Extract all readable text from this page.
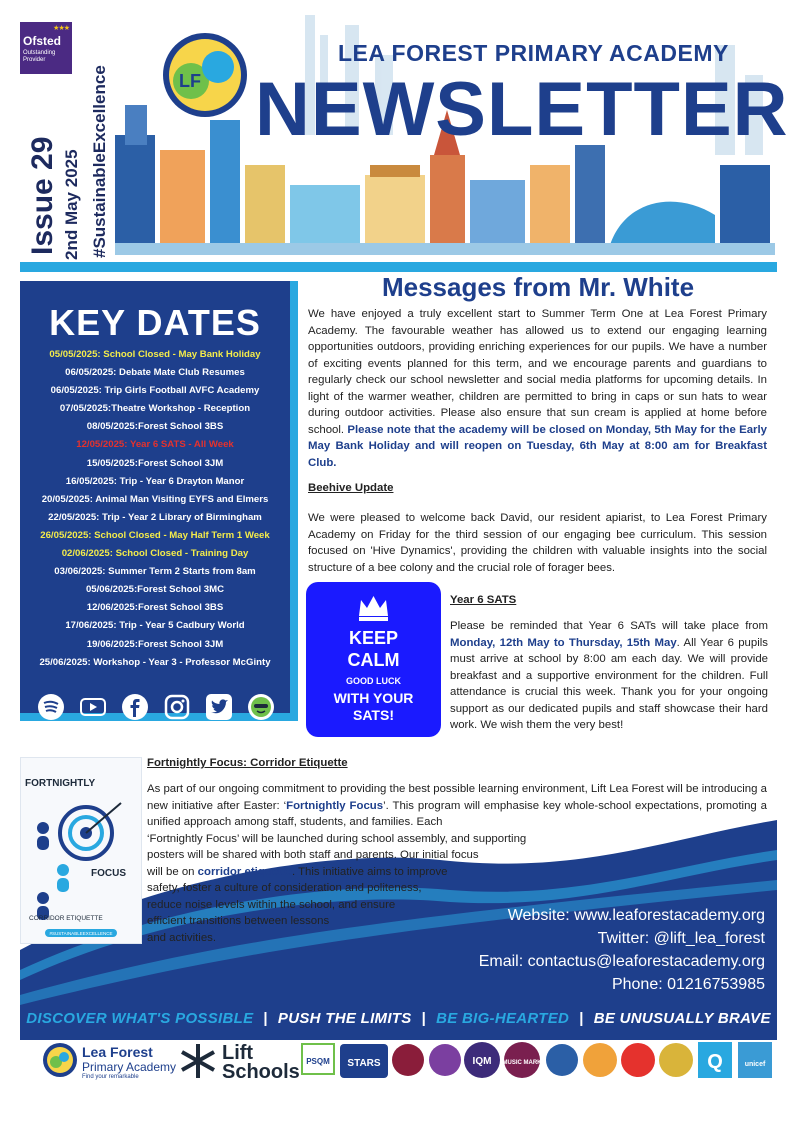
★★★
Ofsted
Outstanding Provider
Issue 29 2nd May 2025 #SustainableExcellence	LF
LEA FOREST PRIMARY ACADEMY
NEWSLETTER
KEY DATES
05/05/2025: School Closed - May Bank Holiday
06/05/2025: Debate Mate Club Resumes
06/05/2025: Trip Girls Football AVFC Academy
07/05/2025:Theatre Workshop - Reception
08/05/2025:Forest School 3BS
12/05/2025: Year 6 SATS - All Week
15/05/2025:Forest School 3JM
16/05/2025: Trip - Year 6 Drayton Manor
20/05/2025: Animal Man Visiting EYFS and Elmers
22/05/2025: Trip - Year 2 Library of Birmingham
26/05/2025: School Closed - May Half Term 1 Week
02/06/2025: School Closed - Training Day
03/06/2025: Summer Term 2 Starts from 8am
05/06/2025:Forest School 3MC
12/06/2025:Forest School 3BS
17/06/2025: Trip - Year 5 Cadbury World
19/06/2025:Forest School 3JM
25/06/2025: Workshop - Year 3 - Professor McGinty
Messages from Mr. White
We have enjoyed a truly excellent start to Summer Term One at Lea Forest Primary Academy. The favourable weather has allowed us to extend our engaging learning opportunities outdoors, providing enriching experiences for our pupils. We have a number of exciting events planned for this term, and we encourage parents and guardians to regularly check our school newsletter and social media platforms for upcoming details. In light of the warmer weather, children are permitted to bring in caps or sun hats to wear during outdoor activities. Please also ensure that sun cream is applied at home before school. Please note that the academy will be closed on Monday, 5th May for the Early May Bank Holiday and will reopen on Tuesday, 6th May at 8:00 am for Breakfast Club.
Beehive Update
We were pleased to welcome back David, our resident apiarist, to Lea Forest Primary Academy on Friday for the third session of our engaging bee curriculum. This session focused on 'Hive Dynamics', providing the children with valuable insights into the social structure of a bee colony and the crucial role of forager bees.
KEEP
CALM
GOOD LUCK
WITH YOUR
SATS!
Year 6 SATS
Please be reminded that Year 6 SATs will take place from Monday, 12th May to Thursday, 15th May. All Year 6 pupils must arrive at school by 8:00 am each day. We will provide breakfast and a supportive environment for the children. Full attendance is crucial this week. Thank you for your ongoing support as our dedicated pupils and staff showcase their hard work. We wish them the very best!
FORTNIGHTLY
FOCUS
CORRIDOR ETIQUETTE
#SUSTAINABLEEXCELLENCE
Fortnightly Focus: Corridor Etiquette
As part of our ongoing commitment to providing the best possible learning environment, Lift Lea Forest will be introducing a new initiative after Easter: ‘Fortnightly Focus’. This program will emphasise key whole-school expectations, promoting a unified approach among staff, students, and families. Each
‘Fortnightly Focus’ will be launched during school assembly, and supporting
posters will be shared with both staff and parents. Our initial focus
will be on corridor etiquette. This initiative aims to improve
safety, foster a culture of consideration and politeness,
reduce noise levels within the school, and ensure
efficient transitions between lessons
and activities.
Website: www.leaforestacademy.org
Twitter: @lift_lea_forest
Email: contactus@leaforestacademy.org
Phone: 01216753985
DISCOVER WHAT'S POSSIBLE | PUSH THE LIMITS | BE BIG-HEARTED | BE UNUSUALLY BRAVE
Lea Forest
Primary Academy
Find your remarkable
Lift
Schools PSQM STARS	IQM MUSIC MARK	Q	unicef
